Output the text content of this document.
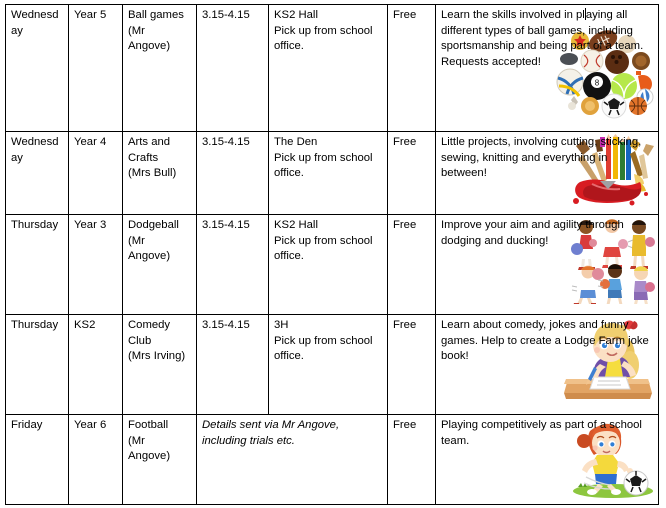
Wednesday	Year 5	Ball games
(Mr
Angove)	3.15-4.15	KS2 Hall
Pick up from school office.	Free	Learn the skills involved in playing all different types of ball games, including sportsmanship and being part of a team. Requests accepted!
8

Wednesday	Year 4	Arts and Crafts
(Mrs Bull)	3.15-4.15	The Den
Pick up from school office.	Free	Little projects, involving cutting, sticking, sewing, knitting and everything in between!

Thursday	Year 3	Dodgeball
(Mr
Angove)	3.15-4.15	KS2 Hall
Pick up from school office.	Free	Improve your aim and agility through dodging and ducking!

Thursday	KS2	Comedy Club
(Mrs Irving)	3.15-4.15	3H
Pick up from school office.	Free	Learn about comedy, jokes and funny games. Help to create a Lodge Farm joke book!

Friday	Year 6	Football
(Mr
Angove)	Details sent via Mr Angove, including trials etc.		Free	Playing competitively as part of a school team.
